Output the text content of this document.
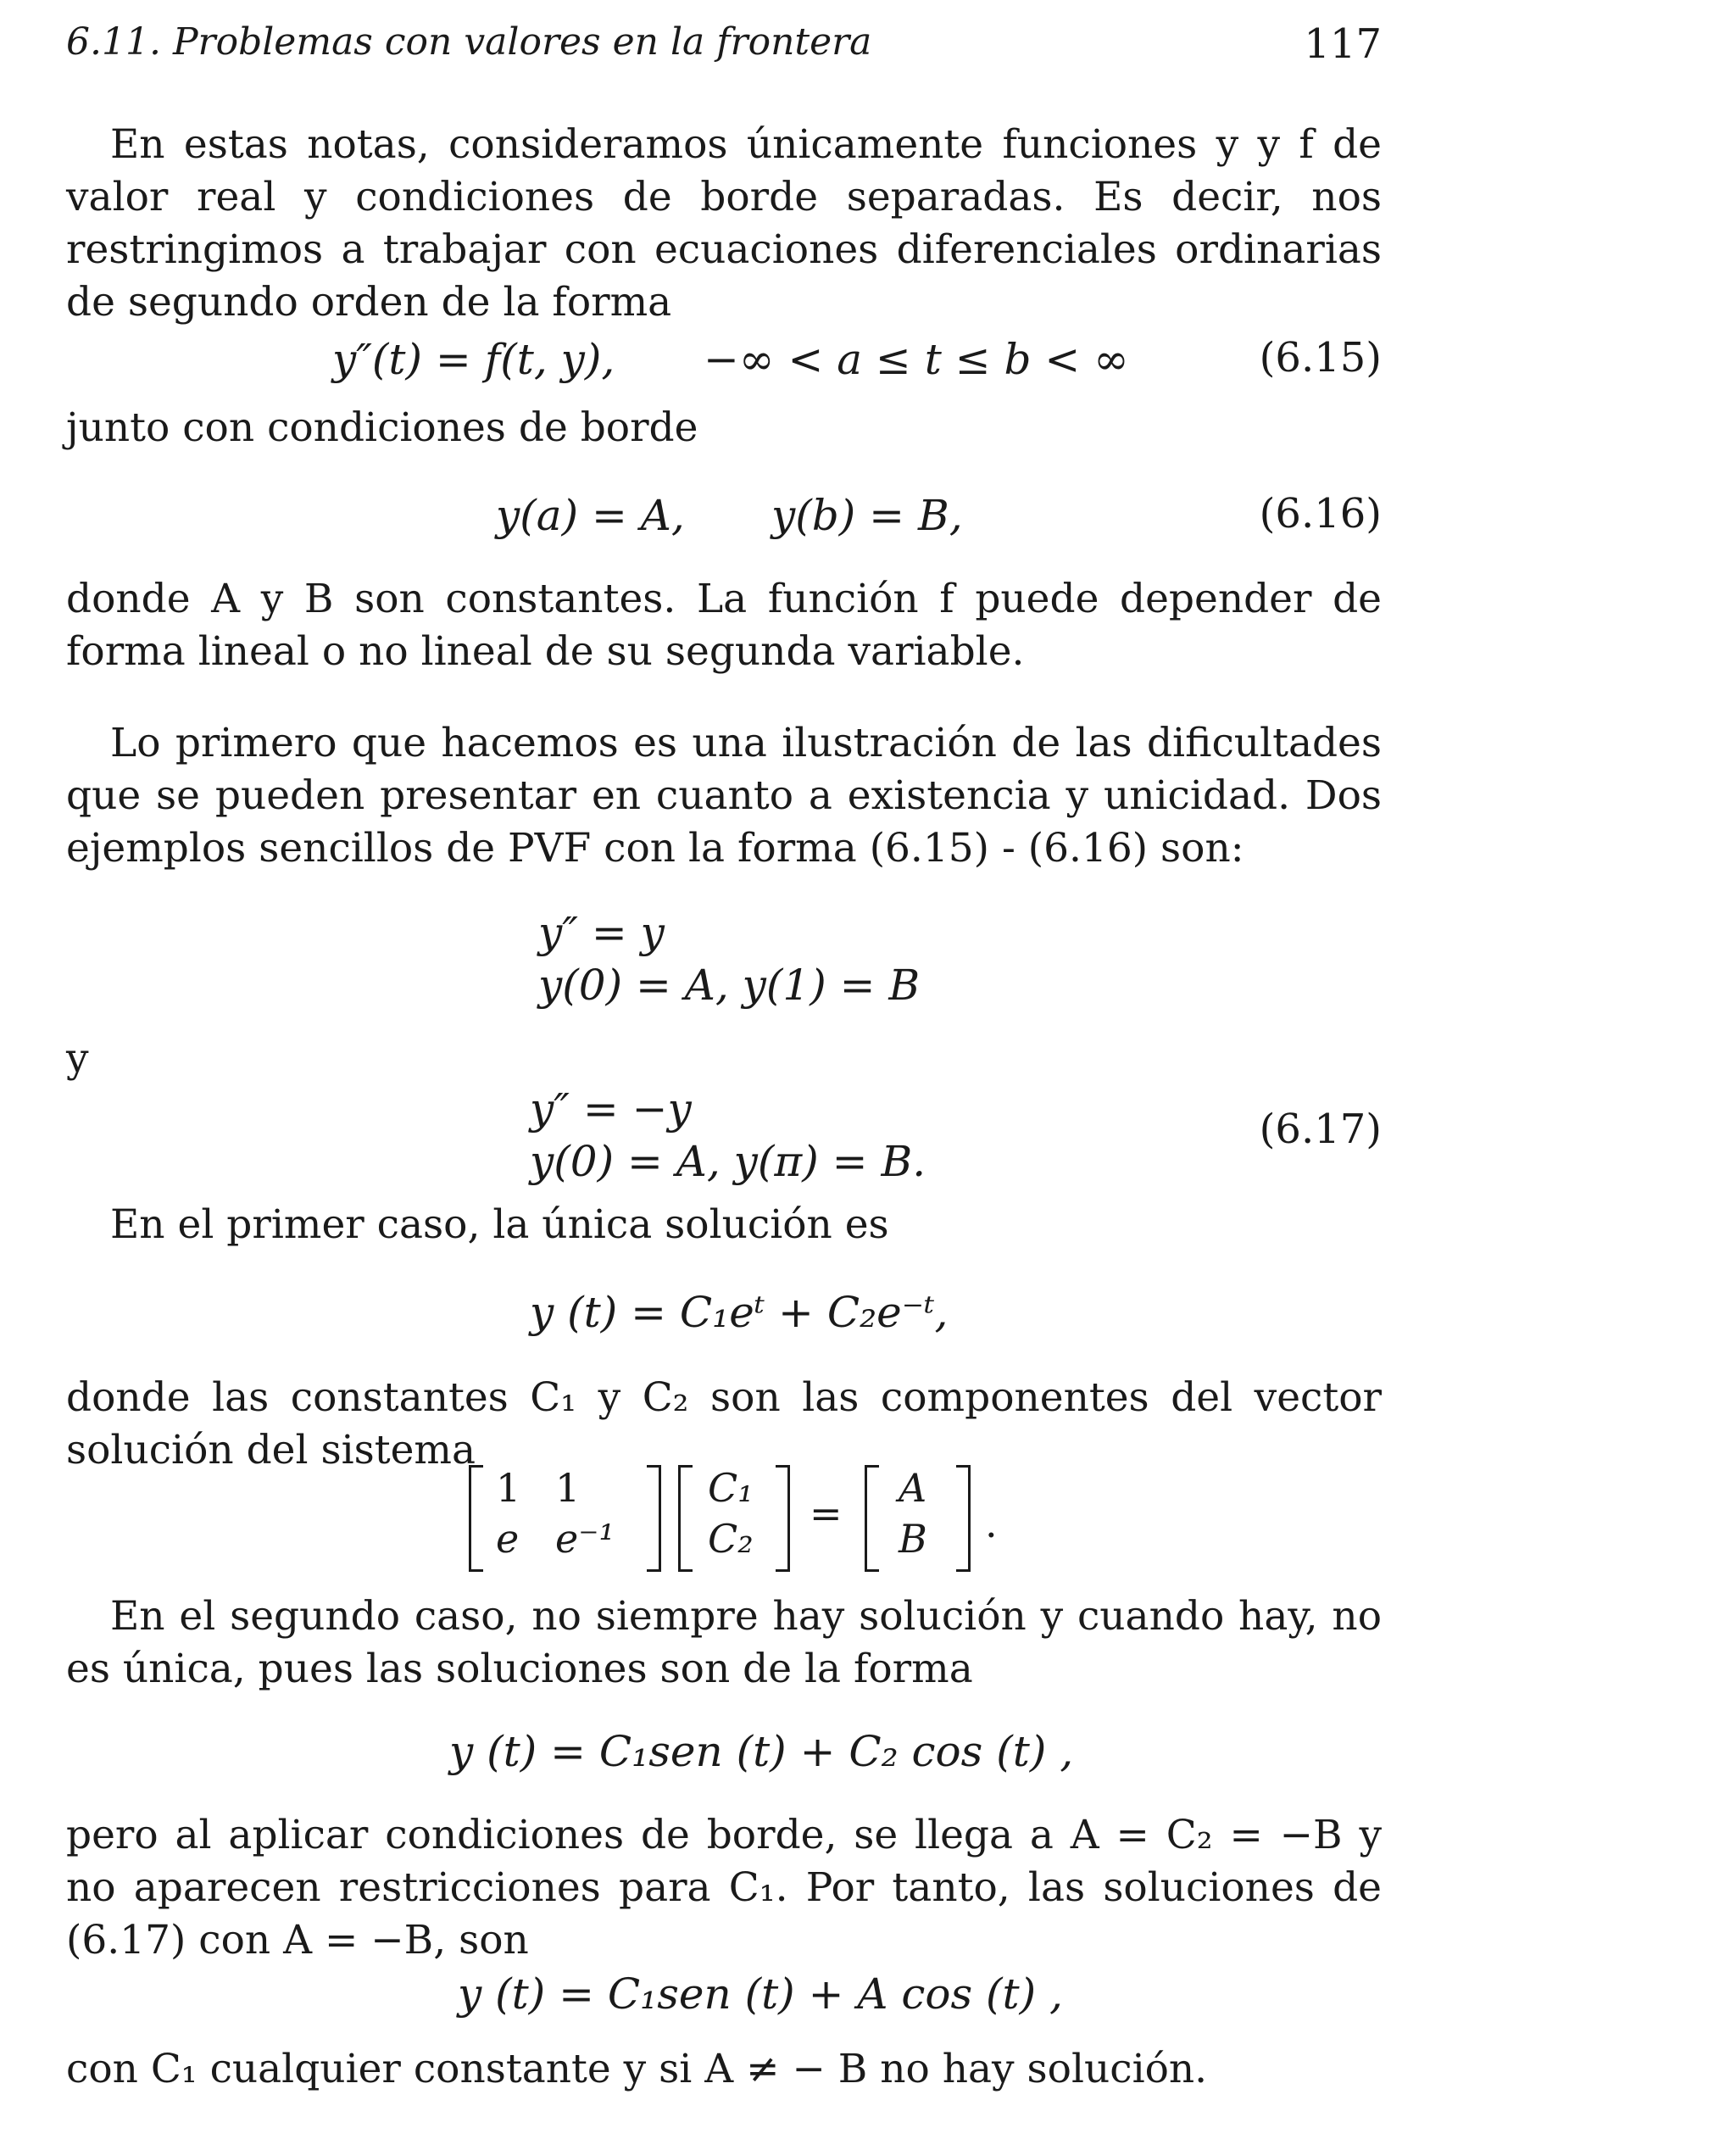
6.11. Problemas con valores en la frontera	117

En estas notas, consideramos únicamente funciones y y f de valor real y condiciones de borde separadas. Es decir, nos restringimos a trabajar con ecuaciones diferenciales ordinarias de segundo orden de la forma

y″(t) = f(t, y), −∞ < a ≤ t ≤ b < ∞	(6.15)
junto con condiciones de borde
y(a) = A, y(b) = B,	(6.16)

donde A y B son constantes. La función f puede depender de forma lineal o no lineal de su segunda variable.

Lo primero que hacemos es una ilustración de las dificultades que se pueden presentar en cuanto a existencia y unicidad. Dos ejemplos sencillos de PVF con la forma (6.15) - (6.16) son:

y″ = y
y(0) = A, y(1) = B
y
y″ = −y
y(0) = A, y(π) = B.
(6.17)
En el primer caso, la única solución es
y (t) = C₁eᵗ + C₂e⁻ᵗ,

donde las constantes C₁ y C₂ son las componentes del vector solución del sistema

1 1
e e⁻¹
C₁
C₂
=
A
B .

En el segundo caso, no siempre hay solución y cuando hay, no es única, pues las soluciones son de la forma

y (t) = C₁sen (t) + C₂ cos (t) ,

pero al aplicar condiciones de borde, se llega a A = C₂ = −B y no aparecen restricciones para C₁. Por tanto, las soluciones de (6.17) con A = −B, son

y (t) = C₁sen (t) + A cos (t) ,
con C₁ cualquier constante y si A ≠ − B no hay solución.
